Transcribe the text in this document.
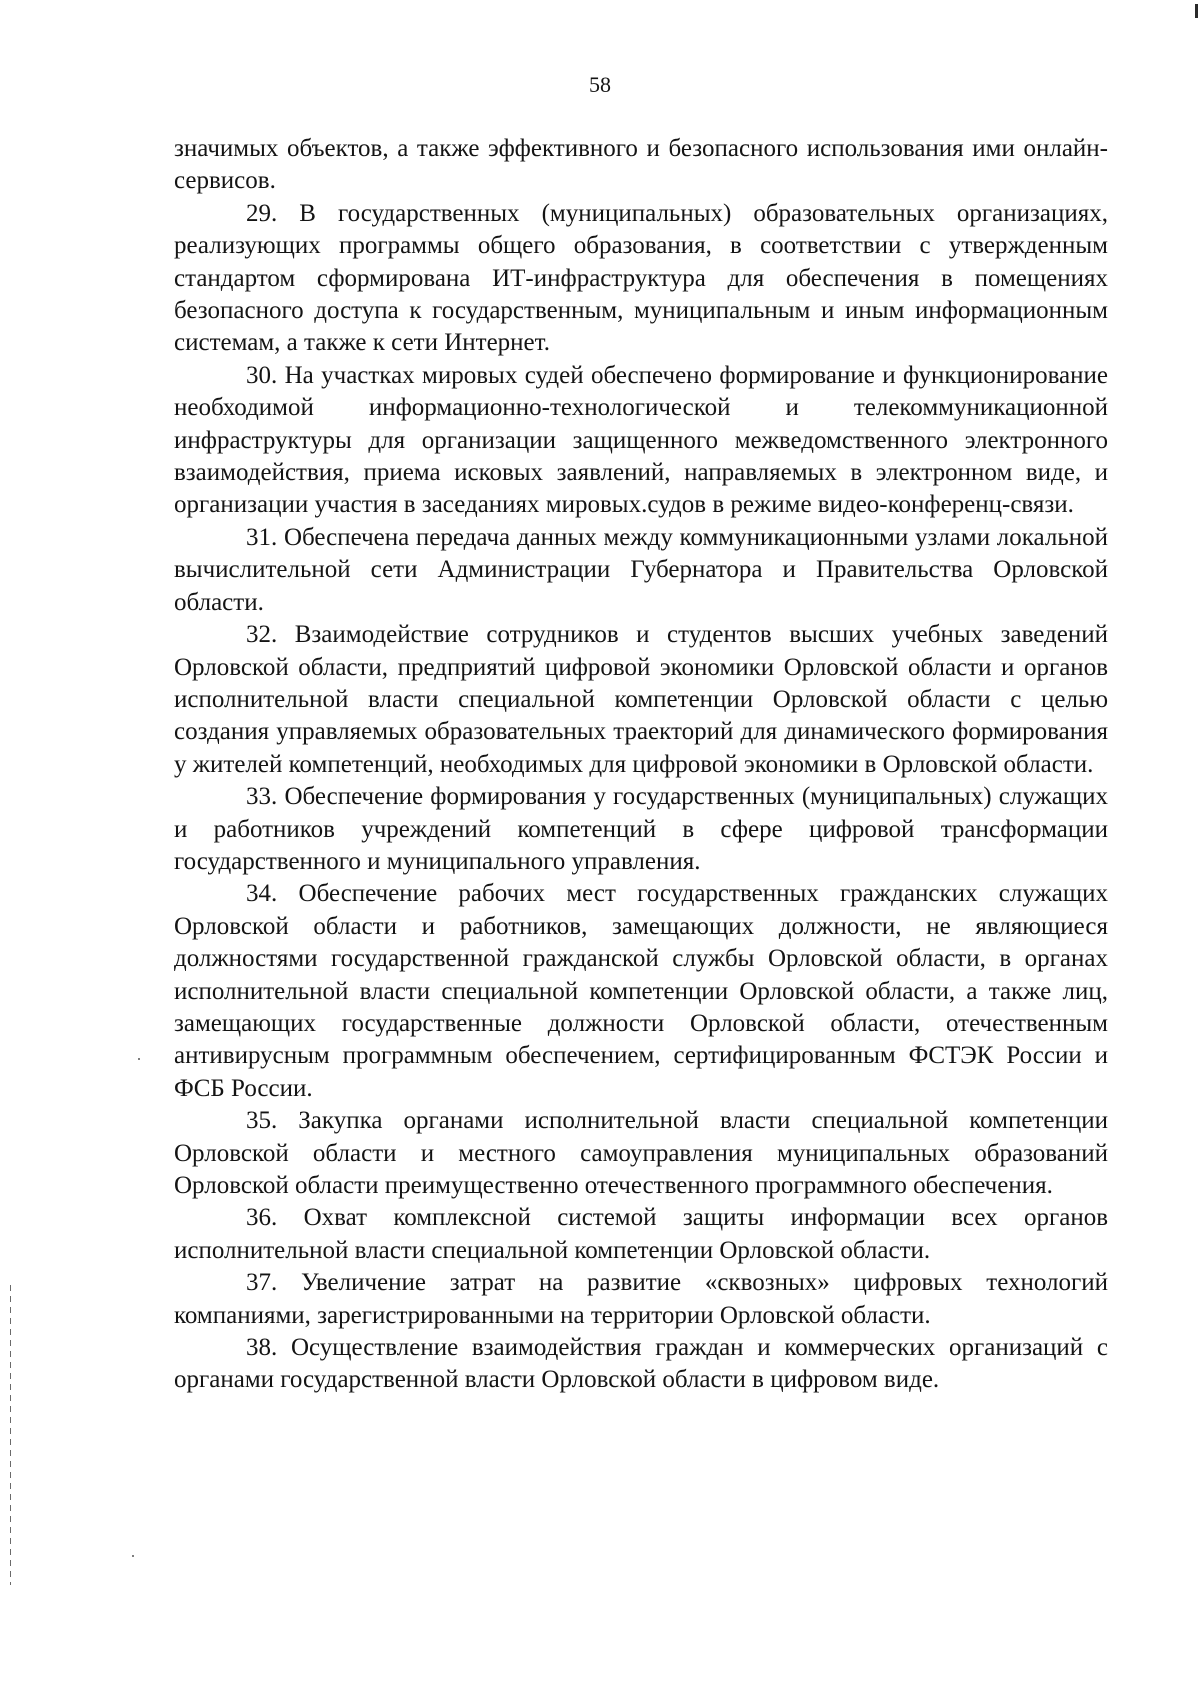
58

значимых объектов, а также эффективного и безопасного использования ими онлайн-сервисов.

29. В государственных (муниципальных) образовательных организациях, реализующих программы общего образования, в соответствии с утвержденным стандартом сформирована ИТ-инфраструктура для обеспечения в помещениях безопасного доступа к государственным, муниципальным и иным информационным системам, а также к сети Интернет.

30. На участках мировых судей обеспечено формирование и функционирование необходимой информационно-технологической и телекоммуникационной инфраструктуры для организации защищенного межведомственного электронного взаимодействия, приема исковых заявлений, направляемых в электронном виде, и организации участия в заседаниях мировых.судов в режиме видео-конференц-связи.

31. Обеспечена передача данных между коммуникационными узлами локальной вычислительной сети Администрации Губернатора и Правительства Орловской области.

32. Взаимодействие сотрудников и студентов высших учебных заведений Орловской области, предприятий цифровой экономики Орловской области и органов исполнительной власти специальной компетенции Орловской области с целью создания управляемых образовательных траекторий для динамического формирования у жителей компетенций, необходимых для цифровой экономики в Орловской области.

33. Обеспечение формирования у государственных (муниципальных) служащих и работников учреждений компетенций в сфере цифровой трансформации государственного и муниципального управления.

34. Обеспечение рабочих мест государственных гражданских служащих Орловской области и работников, замещающих должности, не являющиеся должностями государственной гражданской службы Орловской области, в органах исполнительной власти специальной компетенции Орловской области, а также лиц, замещающих государственные должности Орловской области, отечественным антивирусным программным обеспечением, сертифицированным ФСТЭК России и ФСБ России.

35. Закупка органами исполнительной власти специальной компетенции Орловской области и местного самоуправления муниципальных образований Орловской области преимущественно отечественного программного обеспечения.

36. Охват комплексной системой защиты информации всех органов исполнительной власти специальной компетенции Орловской области.

37. Увеличение затрат на развитие «сквозных» цифровых технологий компаниями, зарегистрированными на территории Орловской области.

38. Осуществление взаимодействия граждан и коммерческих организаций с органами государственной власти Орловской области в цифровом виде.
